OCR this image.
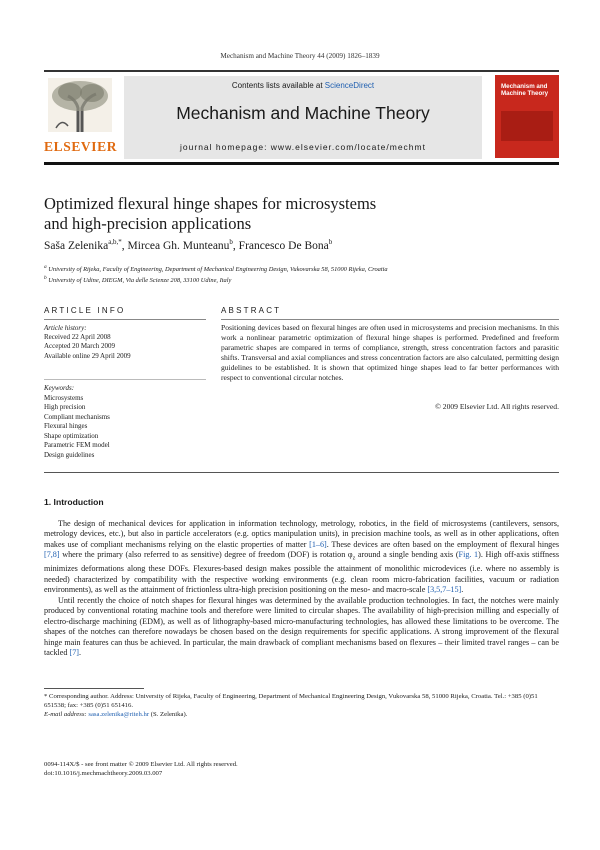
Mechanism and Machine Theory 44 (2009) 1826–1839
ELSEVIER
Contents lists available at ScienceDirect
Mechanism and Machine Theory
journal homepage: www.elsevier.com/locate/mechmt
Mechanism and Machine Theory
Optimized flexural hinge shapes for microsystems
and high-precision applications
Saša Zelenika$^{a,b,*}$, Mircea Gh. Munteanu$^b$, Francesco De Bona$^b$
$^a$ University of Rijeka, Faculty of Engineering, Department of Mechanical Engineering Design, Vukovarska 58, 51000 Rijeka, Croatia
$^b$ University of Udine, DIEGM, Via delle Scienze 208, 33100 Udine, Italy
ARTICLE INFO	ABSTRACT
Article history:
Received 22 April 2008
Accepted 20 March 2009
Available online 29 April 2009
Keywords:
Microsystems
High precision
Compliant mechanisms
Flexural hinges
Shape optimization
Parametric FEM model
Design guidelines
Positioning devices based on flexural hinges are often used in microsystems and precision mechanisms. In this work a nonlinear parametric optimization of flexural hinge shapes is performed. Predefined and freeform parametric shapes are compared in terms of compliance, strength, stress concentration factors and parasitic shifts. Transversal and axial compliances and stress concentration factors are also calculated, permitting design guidelines to be established. It is shown that optimized hinge shapes lead to far better performances with respect to conventional circular notches.
© 2009 Elsevier Ltd. All rights reserved.
1. Introduction

The design of mechanical devices for application in information technology, metrology, robotics, in the field of microsystems (cantilevers, sensors, metrology devices, etc.), but also in particle accelerators (e.g. optics manipulation units), in precision machine tools, as well as in other applications, often makes use of compliant mechanisms relying on the elastic properties of matter [1–6]. These devices are often based on the employment of flexural hinges [7,8] where the primary (also referred to as sensitive) degree of freedom (DOF) is rotation $\varphi_z$ around a single bending axis (Fig. 1). High off-axis stiffness minimizes deformations along these DOFs. Flexures-based design makes possible the attainment of monolithic microdevices (i.e. where no assembly is needed) characterized by compatibility with the respective working environments (e.g. clean room micro-fabrication facilities, vacuum or radiation environments), as well as the attainment of frictionless ultra-high precision positioning on the meso- and macro-scale [3,5,7–15].

Until recently the choice of notch shapes for flexural hinges was determined by the available production technologies. In fact, the notches were mainly produced by conventional rotating machine tools and therefore were limited to circular shapes. The availability of high-precision milling and especially of electro-discharge machining (EDM), as well as of lithography-based micro-manufacturing technologies, has allowed these limitations to be overcome. The shapes of the notches can therefore nowadays be chosen based on the design requirements for specific applications. A strong improvement of the flexural hinge main features can thus be achieved. In particular, the main drawback of compliant mechanisms based on flexures – their limited travel ranges – can be tackled [7].

* Corresponding author. Address: University of Rijeka, Faculty of Engineering, Department of Mechanical Engineering Design, Vukovarska 58, 51000 Rijeka, Croatia. Tel.: +385 (0)51 651538; fax: +385 (0)51 651416.
E-mail address: sasa.zelenika@riteh.hr (S. Zelenika).
0094-114X/$ - see front matter © 2009 Elsevier Ltd. All rights reserved.
doi:10.1016/j.mechmachtheory.2009.03.007
